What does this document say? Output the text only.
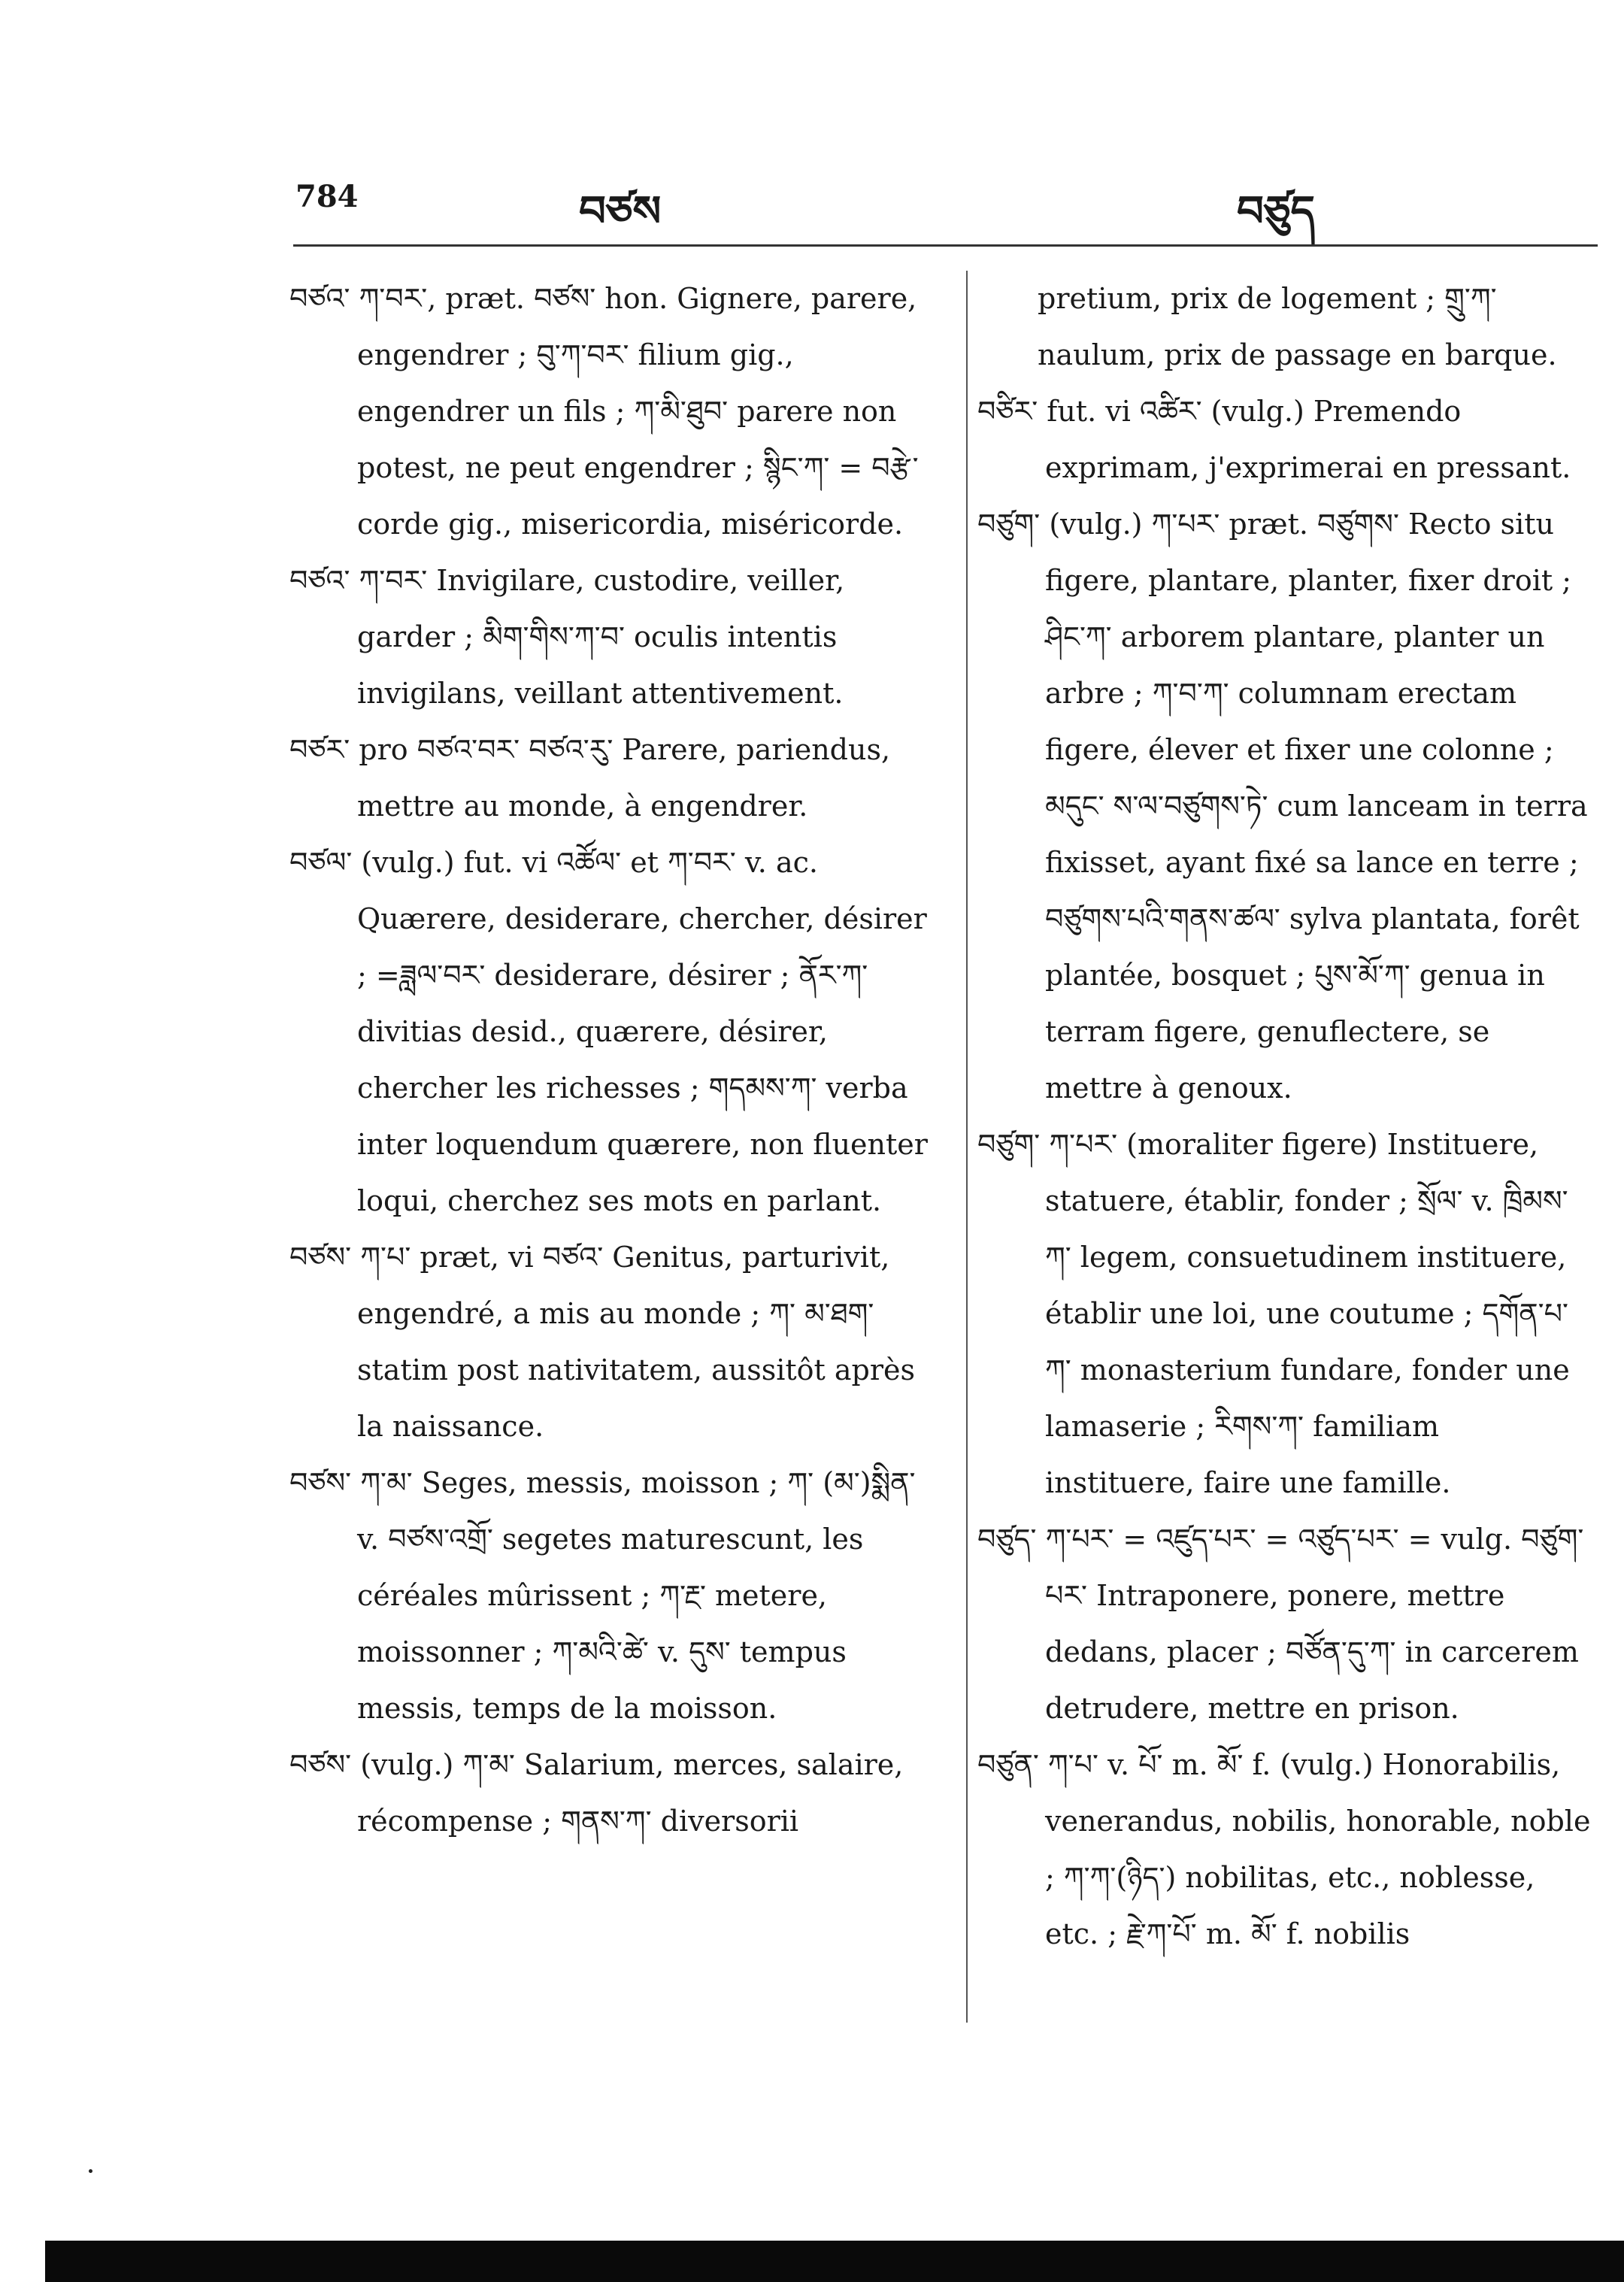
784	བཙས	བཙུད

བཙའ་ ཀ་བར་, præt. བཙས་ hon. Gignere, parere, engendrer ; བུ་ཀ་བར་ filium gig., engendrer un fils ; ཀ་མི་ཐུབ་ parere non potest, ne peut engendrer ; སྙིང་ཀ་ = བརྩེ་ corde gig., misericordia, miséricorde.

བཙའ་ ཀ་བར་ Invigilare, custodire, veiller, garder ; མིག་གིས་ཀ་བ་ oculis intentis invigilans, veillant attentivement.

བཙར་ pro བཙའ་བར་ བཙའ་རུ་ Parere, pariendus, mettre au monde, à engendrer.

བཙལ་ (vulg.) fut. vi འཚོལ་ et ཀ་བར་ v. ac. Quærere, desiderare, chercher, désirer ; =ཟླལ་བར་ desiderare, désirer ; ནོར་ཀ་ divitias desid., quærere, désirer, chercher les richesses ; གདམས་ཀ་ verba inter loquendum quærere, non fluenter loqui, cherchez ses mots en parlant.

བཙས་ ཀ་པ་ præt, vi བཙའ་ Genitus, parturivit, engendré, a mis au monde ; ཀ་ མ་ཐག་ statim post nativitatem, aussitôt après la naissance.

བཙས་ ཀ་མ་ Seges, messis, moisson ; ཀ་ (མ་)སྨིན་ v. བཙས་འགྲོ་ segetes maturescunt, les céréales mûrissent ; ཀ་རྔ་ metere, moissonner ; ཀ་མའི་ཚེ་ v. དུས་ tempus messis, temps de la moisson.

བཙས་ (vulg.) ཀ་མ་ Salarium, merces, salaire, récompense ; གནས་ཀ་ diversorii

pretium, prix de logement ; གྲུ་ཀ་ naulum, prix de passage en barque.

བཙིར་ fut. vi འཚིར་ (vulg.) Premendo exprimam, j'exprimerai en pressant.

བཙུག་ (vulg.) ཀ་པར་ præt. བཙུགས་ Recto situ figere, plantare, planter, fixer droit ; ཤིང་ཀ་ arborem plantare, planter un arbre ; ཀ་བ་ཀ་ columnam erectam figere, élever et fixer une colonne ; མདུང་ ས་ལ་བཙུགས་ཏེ་ cum lanceam in terra fixisset, ayant fixé sa lance en terre ; བཙུགས་པའི་གནས་ཚལ་ sylva plantata, forêt plantée, bosquet ; པུས་མོ་ཀ་ genua in terram figere, genuflectere, se mettre à genoux.

བཙུག་ ཀ་པར་ (moraliter figere) Instituere, statuere, établir, fonder ; སྲོལ་ v. ཁྲིམས་ཀ་ legem, consuetudinem instituere, établir une loi, une coutume ; དགོན་པ་ཀ་ monasterium fundare, fonder une lamaserie ; རིགས་ཀ་ familiam instituere, faire une famille.

བཙུད་ ཀ་པར་ = འཛུད་པར་ = འཙུད་པར་ = vulg. བཙུག་པར་ Intraponere, ponere, mettre dedans, placer ; བཙོན་དུ་ཀ་ in carcerem detrudere, mettre en prison.

བཙུན་ ཀ་པ་ v. པོ་ m. མོ་ f. (vulg.) Honorabilis, venerandus, nobilis, honorable, noble ; ཀ་ཀ་(ཉིད་) nobilitas, etc., noblesse, etc. ; རྗེ་ཀ་པོ་ m. མོ་ f. nobilis
